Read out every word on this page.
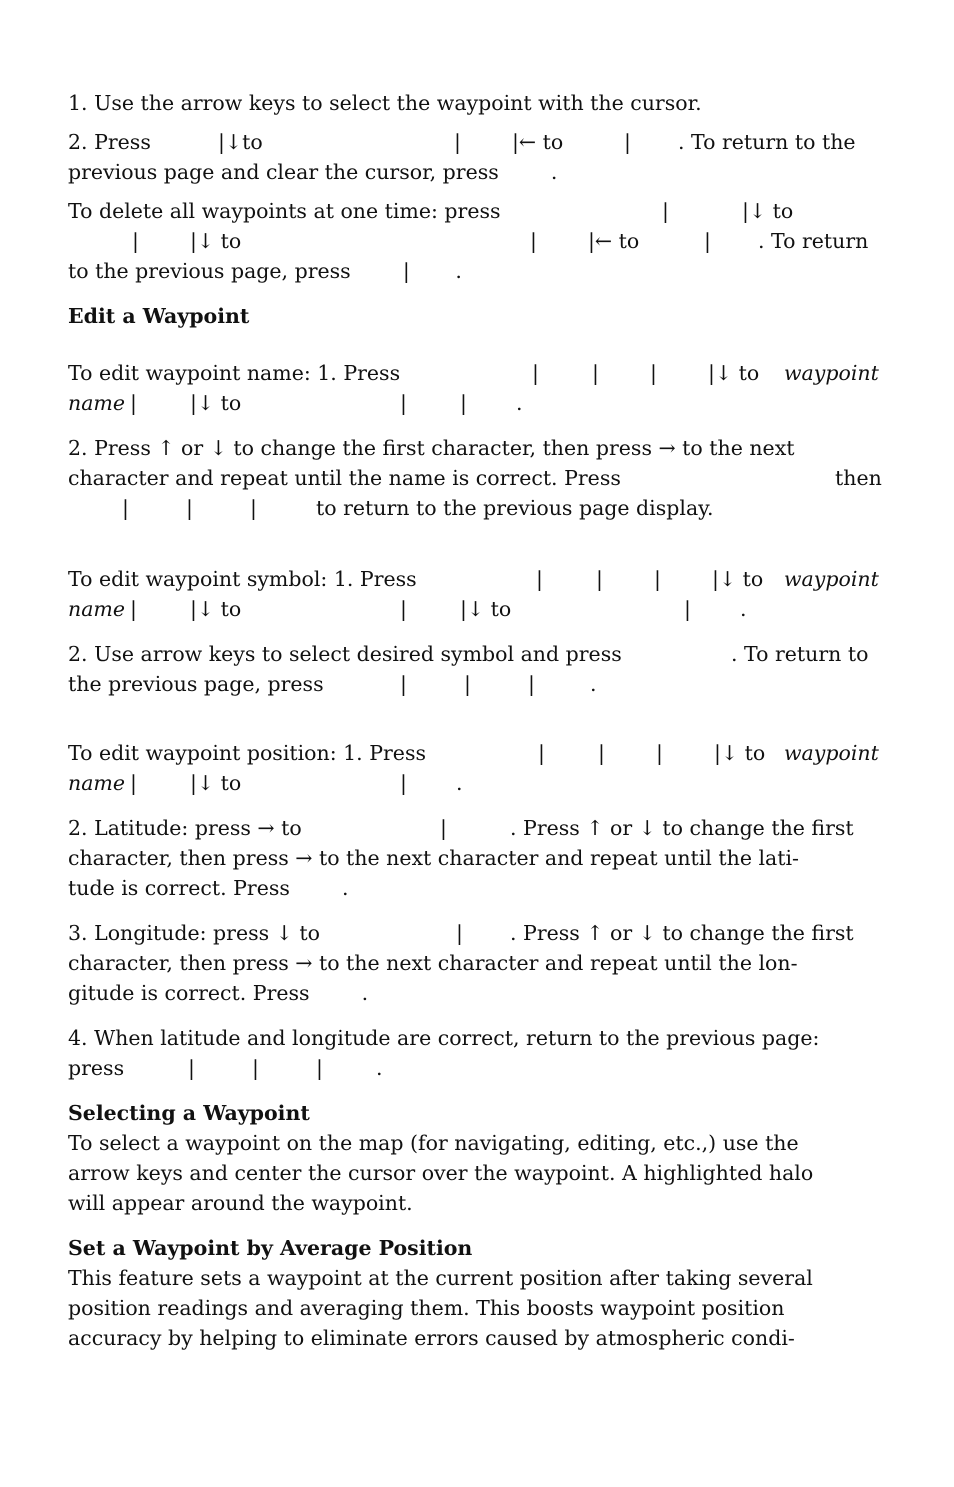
1. Use the arrow keys to select the waypoint with the cursor.

2. Press

	|↓to

	|

|← to

	|

. To return to the

previous page and clear the cursor, press        .

To delete all waypoints at one time: press

	|

	|↓ to

|

|↓ to

	|

|← to

	|

. To return

to the previous page, press        |       .
Edit a Waypoint

To edit waypoint name: 1. Press

	|

	|

|

|↓ to

waypoint

name

|

	|↓ to

	|

	|

.

2. Press ↑ or ↓ to change the first character, then press → to the next

character and repeat until the name is correct. Press

	then

|

	|

	|

	to return to the previous page display.

To edit waypoint symbol: 1. Press

	|

	|

|

|↓ to

waypoint

name

|

	|↓ to

	|

	|↓ to

	|

.

2. Use arrow keys to select desired symbol and press

	. To return to

the previous page, press

	|

	|

	|

	.

To edit waypoint position: 1. Press

	|

	|

|

|↓ to

waypoint

name

|

	|↓ to

	|

.

2. Latitude: press → to

	|

	. Press ↑ or ↓ to change the first

character, then press → to the next character and repeat until the lati-
tude is correct. Press        .

3. Longitude: press ↓ to

	|

. Press ↑ or ↓ to change the first

character, then press → to the next character and repeat until the lon-
gitude is correct. Press        .
4. When latitude and longitude are correct, return to the previous page:

press

	|

	|

	|

	.

Selecting a Waypoint
To select a waypoint on the map (for navigating, editing, etc.,) use the
arrow keys and center the cursor over the waypoint. A highlighted halo
will appear around the waypoint.
Set a Waypoint by Average Position
This feature sets a waypoint at the current position after taking several
position readings and averaging them. This boosts waypoint position
accuracy by helping to eliminate errors caused by atmospheric condi-
